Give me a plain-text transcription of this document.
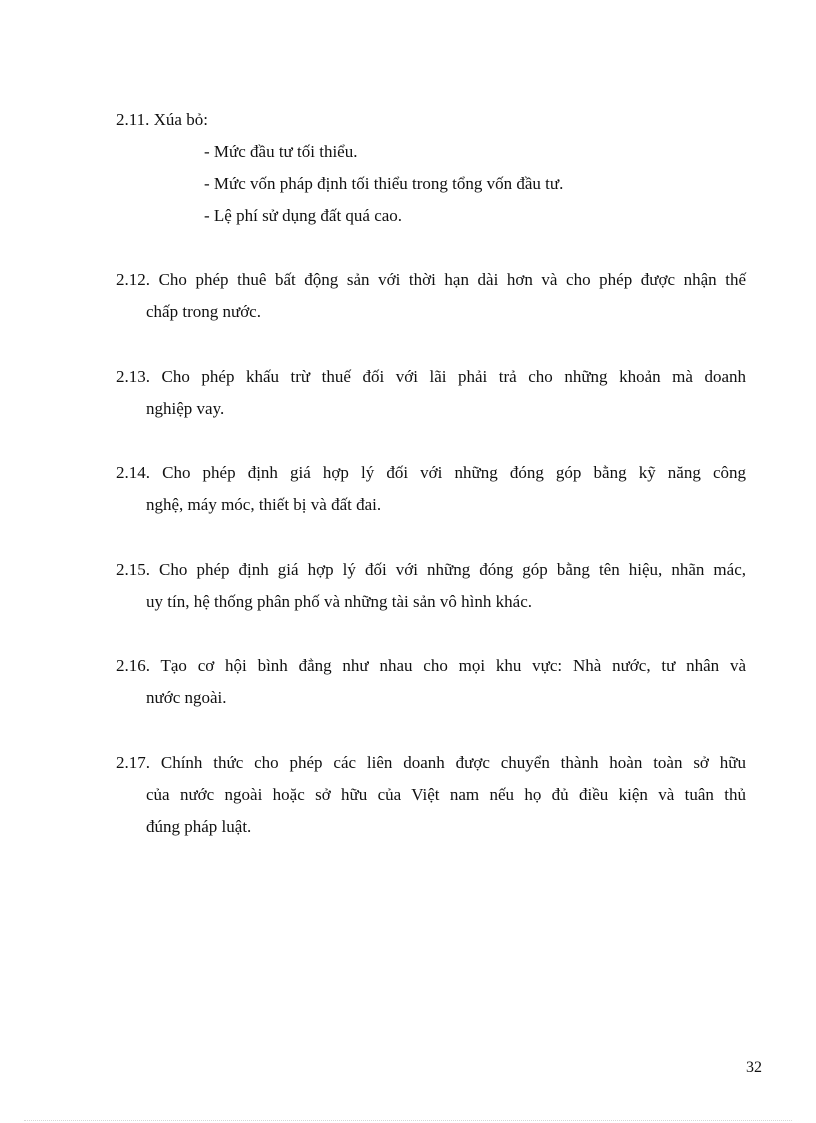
2.11. Xúa bỏ:
- Mức đầu tư tối thiểu.
- Mức vốn pháp định tối thiểu trong tổng vốn đầu tư.
- Lệ phí sử dụng đất quá cao.
2.12. Cho phép thuê bất động sản với thời hạn dài hơn và cho phép được nhận thế
chấp trong nước.
2.13. Cho phép khấu trừ thuế đối với lãi phải trả cho những khoản mà doanh
nghiệp vay.
2.14. Cho phép định giá hợp lý đối với những đóng góp bằng kỹ năng công
nghệ, máy móc, thiết bị và đất đai.
2.15. Cho phép định giá hợp lý đối với những đóng góp bằng tên hiệu, nhãn mác,
uy tín, hệ thống phân phố và những tài sản vô hình khác.
2.16. Tạo cơ hội bình đẳng như nhau cho mọi khu vực: Nhà nước, tư nhân và
nước ngoài.
2.17. Chính thức cho phép các liên doanh được chuyển thành hoàn toàn sở hữu
của nước ngoài hoặc sở hữu của Việt nam nếu họ đủ điều kiện và tuân thủ
đúng pháp luật.
32
